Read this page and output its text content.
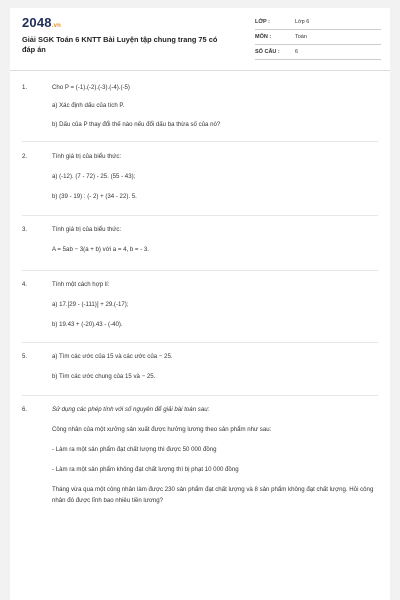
2048.vn
Giải SGK Toán 6 KNTT Bài Luyện tập chung trang 75 có đáp án
LỚP :	Lớp 6
MÔN :	Toán
SỐ CÂU :	6
1.	Cho P = (-1).(-2).(-3).(-4).(-5)
a) Xác định dấu của tích P.
b) Dấu của P thay đổi thế nào nếu đổi dấu ba thừa số của nó?
2.	Tính giá trị của biểu thức:
a) (-12). (7 - 72) - 25. (55 - 43);
b) (39 - 19) : (- 2) + (34 - 22). 5.
3.	Tính giá trị của biểu thức:
A = 5ab − 3(a + b) với a = 4, b = - 3.
4.	Tính một cách hợp lí:
a) 17.[29 - (-111)] + 29.(-17);
b) 19.43 + (-20).43 - (-40).
5.	a) Tìm các ước của 15 và các ước của − 25.
b) Tìm các ước chung của 15 và − 25.
6.	Sử dụng các phép tính với số nguyên để giải bài toán sau:
Công nhân của một xưởng sản xuất được hưởng lương theo sản phẩm như sau:
- Làm ra một sản phẩm đạt chất lượng thì được 50 000 đồng
- Làm ra một sản phẩm không đạt chất lượng thì bị phạt 10 000 đồng
Tháng vừa qua một công nhân làm được 230 sản phẩm đạt chất lượng và 8 sản phẩm không đạt chất lượng. Hỏi công nhân đó được lĩnh bao nhiêu tiền lương?
